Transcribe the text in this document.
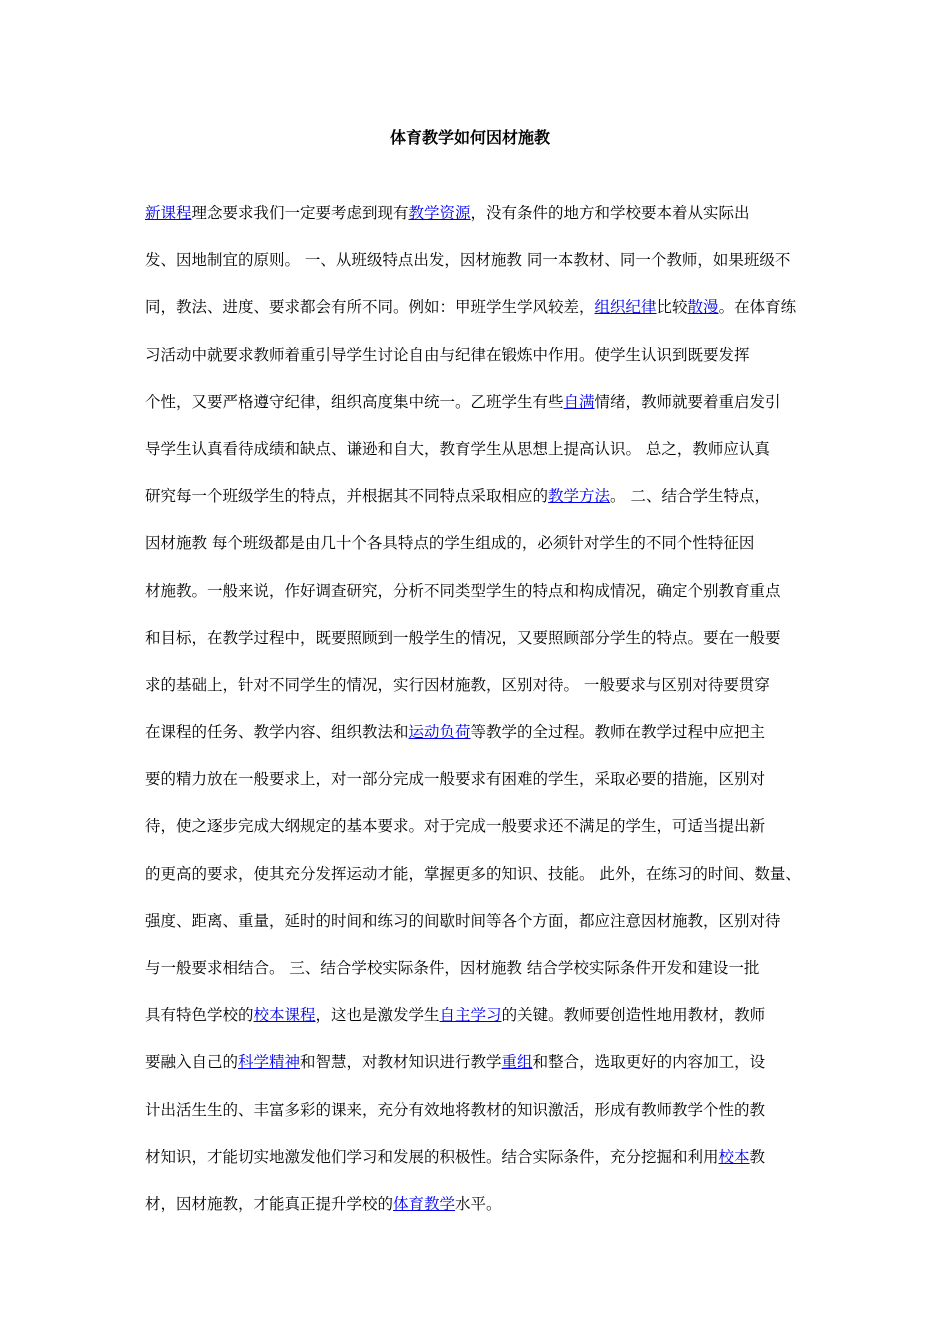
体育教学如何因材施教
新课程理念要求我们一定要考虑到现有教学资源，没有条件的地方和学校要本着从实际出
发、因地制宜的原则。 一、从班级特点出发，因材施教 同一本教材、同一个教师，如果班级不
同，教法、进度、要求都会有所不同。例如：甲班学生学风较差，组织纪律比较散漫。在体育练
习活动中就要求教师着重引导学生讨论自由与纪律在锻炼中作用。使学生认识到既要发挥
个性，又要严格遵守纪律，组织高度集中统一。乙班学生有些自满情绪，教师就要着重启发引
导学生认真看待成绩和缺点、谦逊和自大，教育学生从思想上提高认识。 总之，教师应认真
研究每一个班级学生的特点，并根据其不同特点采取相应的教学方法。 二、结合学生特点，
因材施教 每个班级都是由几十个各具特点的学生组成的，必须针对学生的不同个性特征因
材施教。一般来说，作好调查研究，分析不同类型学生的特点和构成情况，确定个别教育重点
和目标，在教学过程中，既要照顾到一般学生的情况，又要照顾部分学生的特点。要在一般要
求的基础上，针对不同学生的情况，实行因材施教，区别对待。 一般要求与区别对待要贯穿
在课程的任务、教学内容、组织教法和运动负荷等教学的全过程。教师在教学过程中应把主
要的精力放在一般要求上，对一部分完成一般要求有困难的学生，采取必要的措施，区别对
待，使之逐步完成大纲规定的基本要求。对于完成一般要求还不满足的学生，可适当提出新
的更高的要求，使其充分发挥运动才能，掌握更多的知识、技能。 此外，在练习的时间、数量、
强度、距离、重量，延时的时间和练习的间歇时间等各个方面，都应注意因材施教，区别对待
与一般要求相结合。 三、结合学校实际条件，因材施教 结合学校实际条件开发和建设一批
具有特色学校的校本课程，这也是激发学生自主学习的关键。教师要创造性地用教材，教师
要融入自己的科学精神和智慧，对教材知识进行教学重组和整合，选取更好的内容加工，设
计出活生生的、丰富多彩的课来，充分有效地将教材的知识激活，形成有教师教学个性的教
材知识，才能切实地激发他们学习和发展的积极性。结合实际条件，充分挖掘和利用校本教
材，因材施教，才能真正提升学校的体育教学水平。
